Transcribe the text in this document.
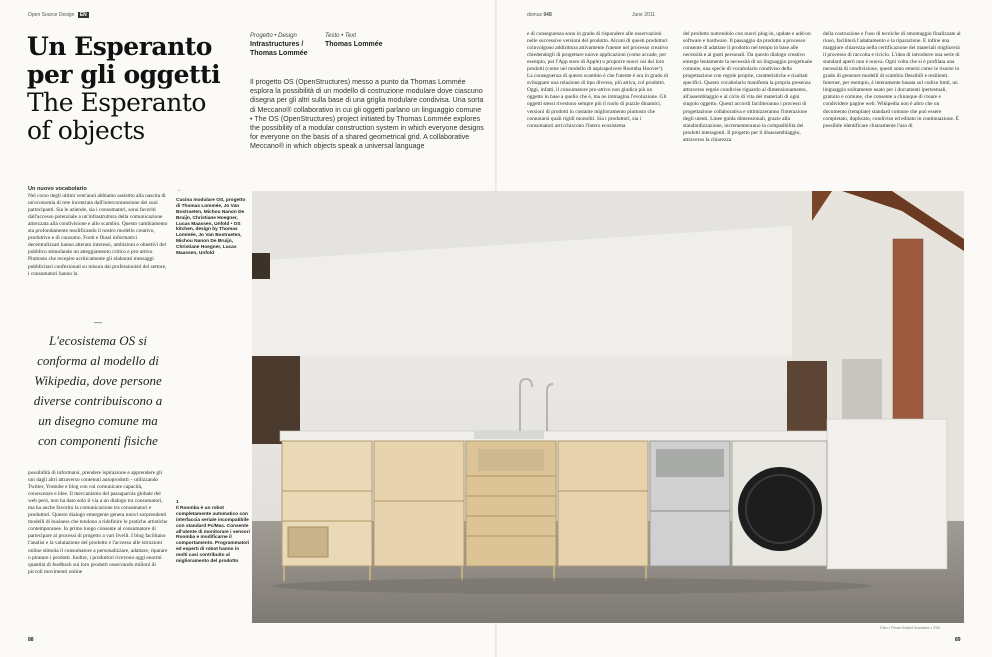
Open Source Design EN
Un Esperanto
per gli oggetti
The Esperanto
of objects
Progetto • Design
Intrastructures / Thomas Lommée
Testo • Text
Thomas Lommée
Il progetto OS (OpenStructures) messo a punto da Thomas Lommée esplora la possibilità di un modello di costruzione modulare dove ciascuno disegna per gli altri sulla base di una griglia modulare condivisa. Una sorta di Meccano® collaborativo in cui gli oggetti parlano un linguaggio comune
• The OS (OpenStructures) project initiated by Thomas Lommée explores the possibility of a modular construction system in which everyone designs for everyone on the basis of a shared geometrical grid. A collaborative Meccano® in which objects speak a universal language
Un nuovo vocabolario
Nel corso degli ultimi vent'anni abbiamo assistito alla nascita di un'economia di rete incentrata dall'interconnessione dei suoi partecipanti. Sia le aziende, sia i consumatori, sono favoriti dall'accesso potenziale a un'infrastruttura della comunicazione attrezzata alla condivisione e allo scambio. Questo cambiamento sta profondamente modificando il nostro modello creativo, produttivo e di consumo. Fonti e flussi informativi decentralizzati hanno alterato interessi, ambizioni e obiettivi del pubblico stimolando un atteggiamento critico e pro-attivo. Piuttosto che recepire acriticamente gli elaborati messaggi pubblicitari confezionati su misura dai professionisti del settore, i consumatori hanno la
—
L'ecosistema OS si conforma al modello di Wikipedia, dove persone diverse contribuiscono a un disegno comune ma con componenti fisiche
possibilità di informarsi, prendere ispirazione e apprendere gli uni dagli altri attraverso contenuti autoprodotti – utilizzando Twitter, Youtube e blog con cui comunicare capacità, conoscenze e idee. Il meccanismo del passaparola globale del web però, non ha dato solo il via a un dialogo tra consumatori, ma ha anche favorito la comunicazione tra consumatori e produttori. Questo dialogo emergente genera nuovi sorprendenti modelli di business che tendono a ridefinire le pratiche artistiche contemporanee. In primo luogo consente al consumatore di partecipare ai processi di progetto a vari livelli. I blog facilitano l'analisi e la valutazione del prodotto e l'accesso alle istruzioni online stimola il consumatore a personalizzare, adattare, riparare o piratare i prodotti. Inoltre, i produttori ricevono oggi enormi quantità di feedback sui loro prodotti osservando milioni di piccoli movimenti online
→
Cucina modulare OS, progetto di Thomas Lommée, Jo Van Bostraeten, Michou Nanon De Bruijn, Christiane Hoegner, Lucas Maassen, Unfold • OS kitchen, design by Thomas Lommée, Jo Van Bostraeten, Michou Nanon De Bruijn, Christiane Hoegner, Lucas Maassen, Unfold
1
Il Roomba è un robot completamente automatico con interfaccia seriale incompatibile con standard Pc/Mac. Consente all'utente di monitorare i sensori Roomba e modificarne il comportamento. Programmatori ed esperti di robot hanno in molti casi contribuito al miglioramento del prodotto
88
domus 948	June 2011
e di conseguenza sono in grado di rispondere alle osservazioni nelle successive versioni del prodotto. Alcuni di questi produttori coinvolgono addirittura attivamente l'utente nel processo creativo chiedendogli di progettare nuove applicazioni (come accade, per esempio, per l'App store di Apple) o proporre nuovi usi dei loro prodotti (come nel modello di aspirapolvere Roomba Hoover¹). La conseguenza di questo scambio è che l'utente è ora in grado di sviluppare una relazione di tipo diverso, più attiva, col prodotto. Oggi, infatti, il consumatore pro-attivo non giudica più un oggetto in base a quello che è, ma ne immagina l'evoluzione. Gli oggetti stessi rivestono sempre più il ruolo di puzzle dinamici, versioni di prodotti in costante miglioramento piuttosto che connotarsi quali rigidi monoliti. Sia i produttori, sia i consumatori arricchiscono l'intero ecosistema
del prodotto nutrendolo con nuovi plug-in, update e add-on software e hardware. Il passaggio da prodotto a processo consente di adattare il prodotto nel tempo in base alle necessità e ai gusti personali. Da questo dialogo creativo emerge lentamente la necessità di un linguaggio progettuale comune, una specie di vocabolario condiviso della progettazione con regole proprie, caratteristiche e risultati specifici. Questo vocabolario manifesta la propria presenza attraverso regole condivise riguardo al dimensionamento, all'assemblaggio e al ciclo di vita dei materiali di ogni singolo oggetto. Questi accordi faciliteranno i processi di progettazione collaborativa e ottimizzeranno l'interazione degli utenti. Linee guida dimensionali, grazie alla standardizzazione, incrementeranno la compatibilità dei prodotti interagenti. Il progetto per il disassemblaggio, attraverso la chiarezza
della costruzione e l'uso di tecniche di smontaggio finalizzate al riuso, faciliterà l'adattamento e la riparazione. E infine una maggiore chiarezza nella certificazione dei materiali migliorerà il processo di raccolta e riciclo. L'idea di introdurre una serie di standard aperti non è nuova. Ogni volta che si è profilata una necessità di condivisione, questi sono emersi come le risorse in grado di generare modelli di scambio flessibili e resilienti. Internet, per esempio, è interamente basata sul codice html, un linguaggio solitamente usato per i documenti ipertestuali, gratuito e comune, che consente a chiunque di creare e condividere pagine web. Wikipedia non è altro che un documento (template) standard comune che può essere completato, duplicato, condiviso ed editato in continuazione. È possibile identificare chiaramente l'uso di
Foto • Photo Kristof Vrancken • Z33
89
